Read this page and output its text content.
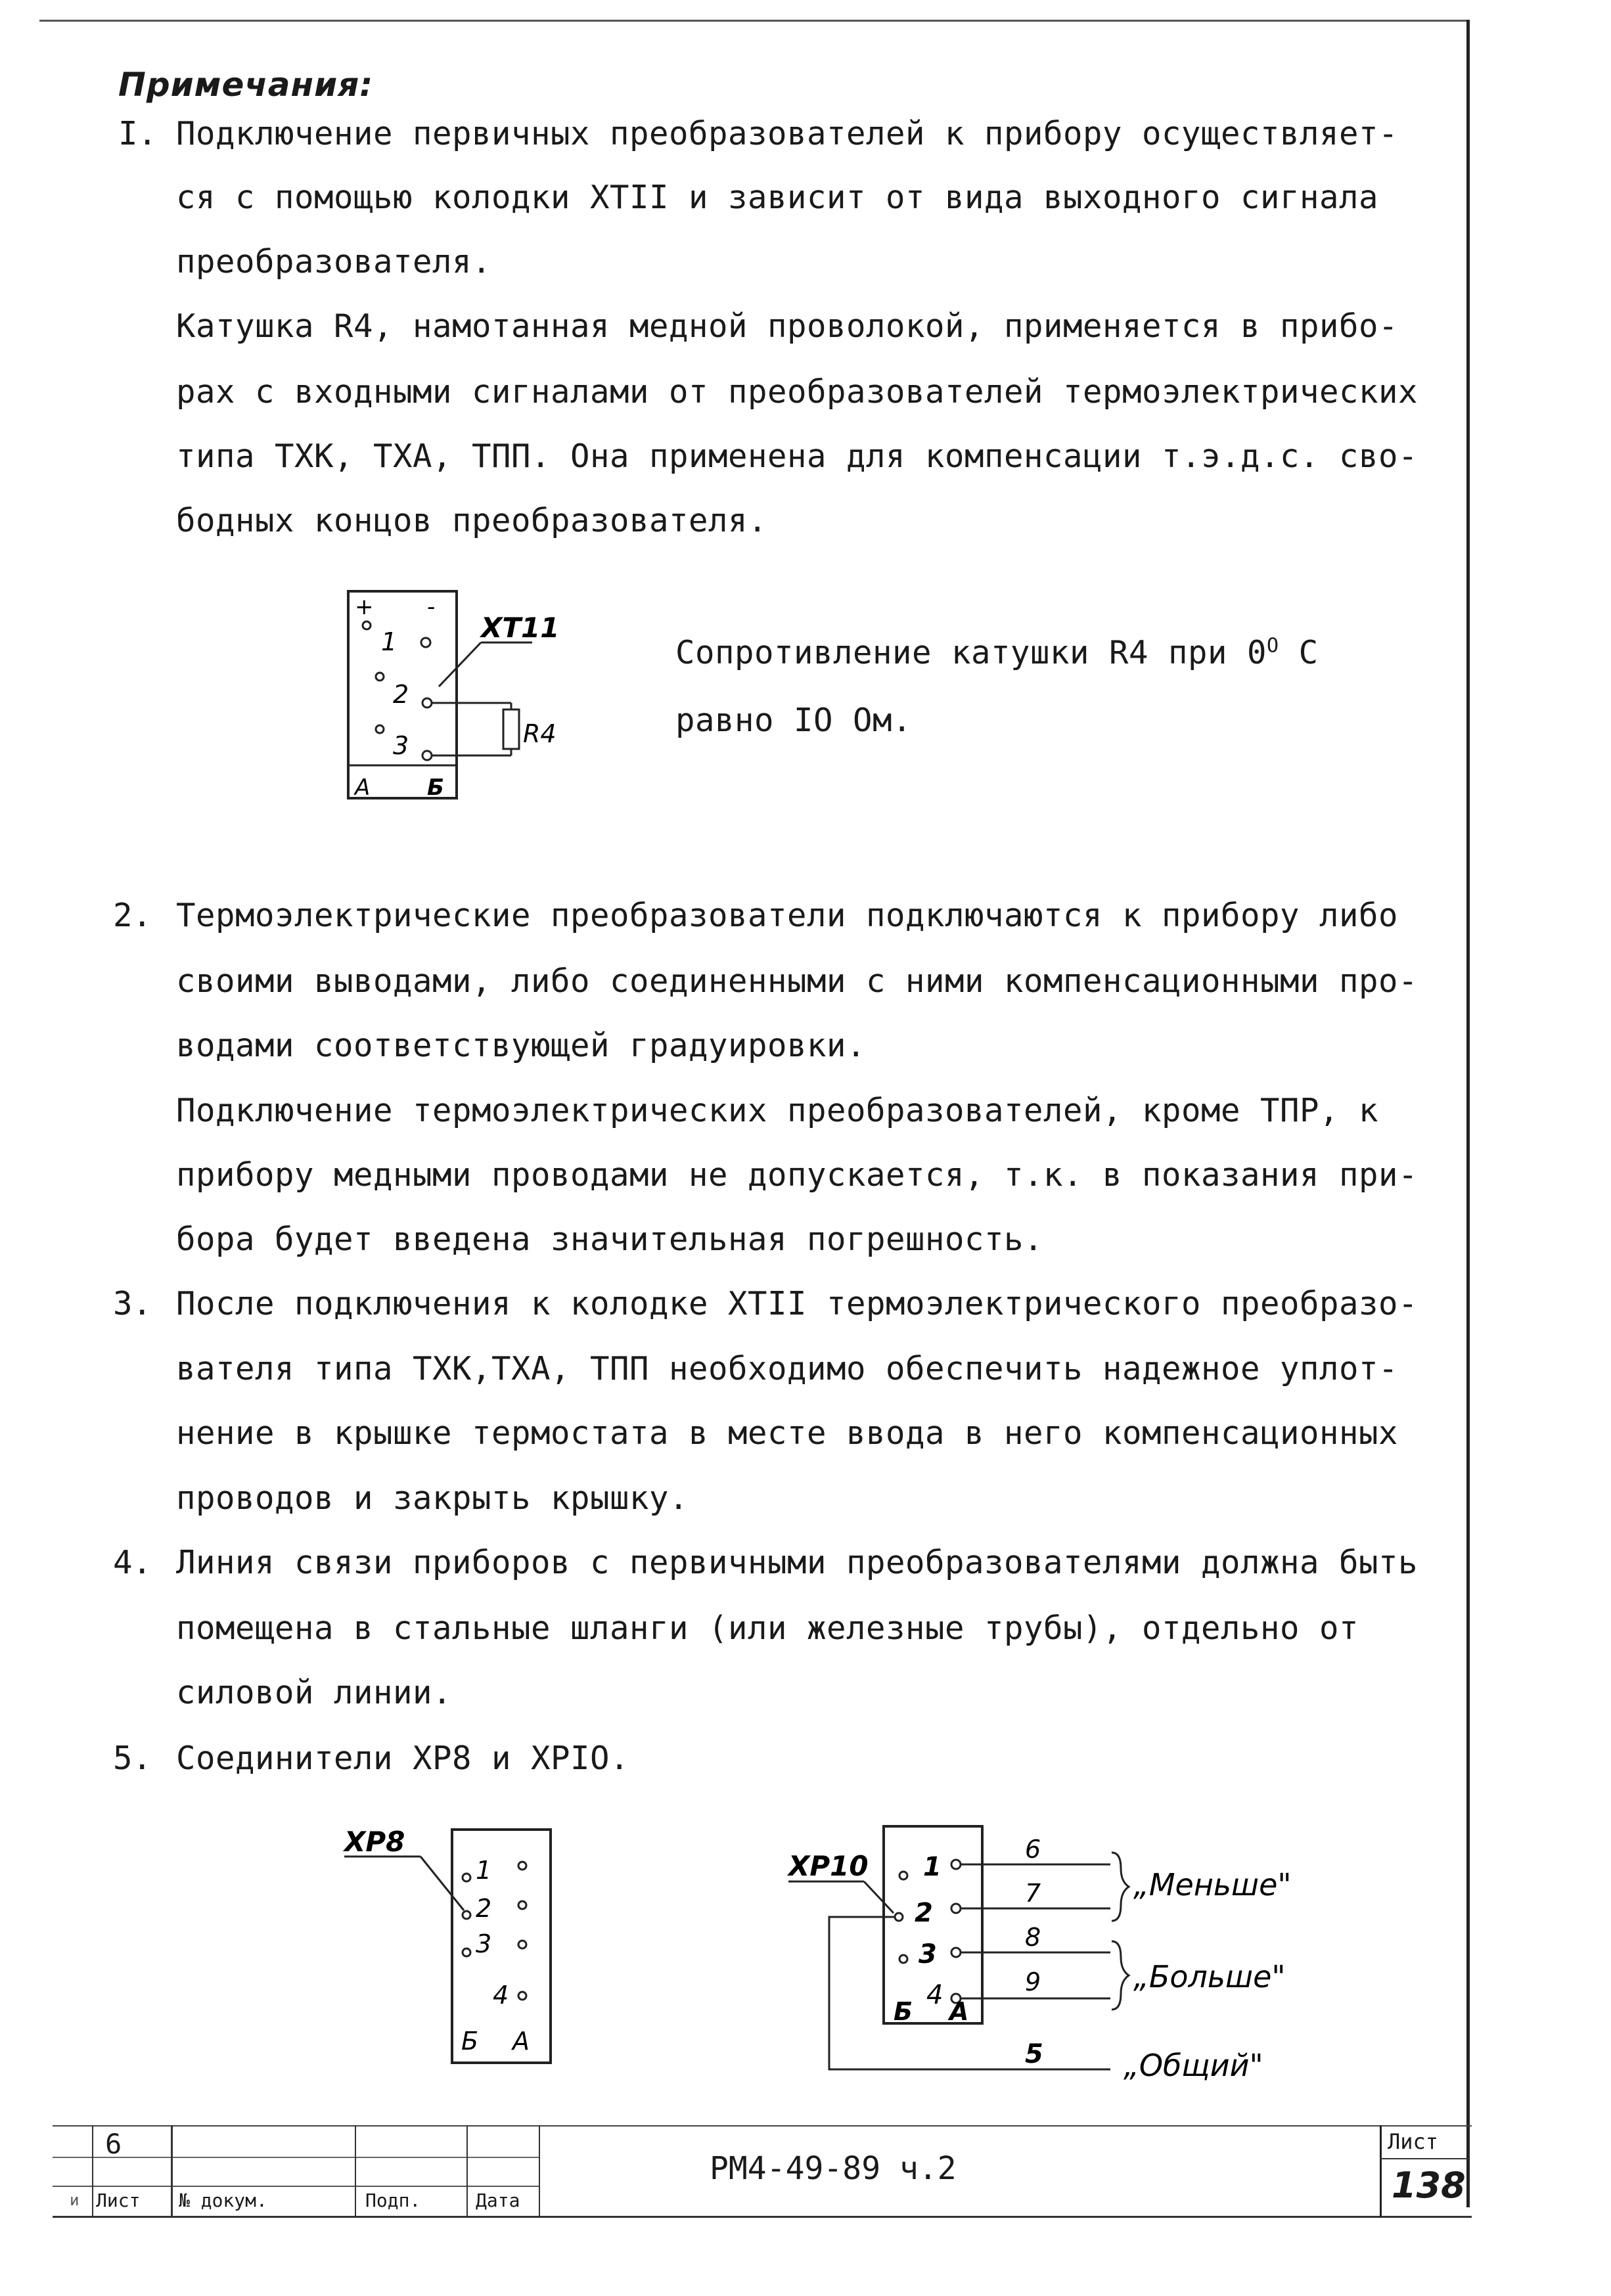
Примечания:
I. Подключение первичных преобразователей к прибору осуществляет-
ся с помощью колодки ХТII и зависит от вида выходного сигнала
преобразователя.
Катушка R4, намотанная медной проволокой, применяется в прибо-
рах с входными сигналами от преобразователей термоэлектрических
типа ТХК, ТХА, ТПП. Она применена для компенсации т.э.д.с. сво-
бодных концов преобразователя.
+ -
1
2
3
А	Б
XT11
R4
Сопротивление катушки R4 при $0^О$ С
равно IO Ом.
2. Термоэлектрические преобразователи подключаются к прибору либо
своими выводами, либо соединенными с ними компенсационными про-
водами соответствующей градуировки.
Подключение термоэлектрических преобразователей, кроме ТПР, к
прибору медными проводами не допускается, т.к. в показания при-
бора будет введена значительная погрешность.
3. После подключения к колодке ХТII термоэлектрического преобразо-
вателя типа ТХК,ТХА, ТПП необходимо обеспечить надежное уплот-
нение в крышке термостата в месте ввода в него компенсационных
проводов и закрыть крышку.
4. Линия связи приборов с первичными преобразователями должна быть
помещена в стальные шланги (или железные трубы), отдельно от
силовой линии.
5. Соединители ХР8 и ХРIO.
XP8
1
2
3
4
Б А
XP10 1
2
3
4
Б А
6
7
8
9
5
„Меньше"
„Больше"
„Общий"
6
и Лист № докум.	Подп.	Дата
РМ4-49-89 ч.2
Лист
138
